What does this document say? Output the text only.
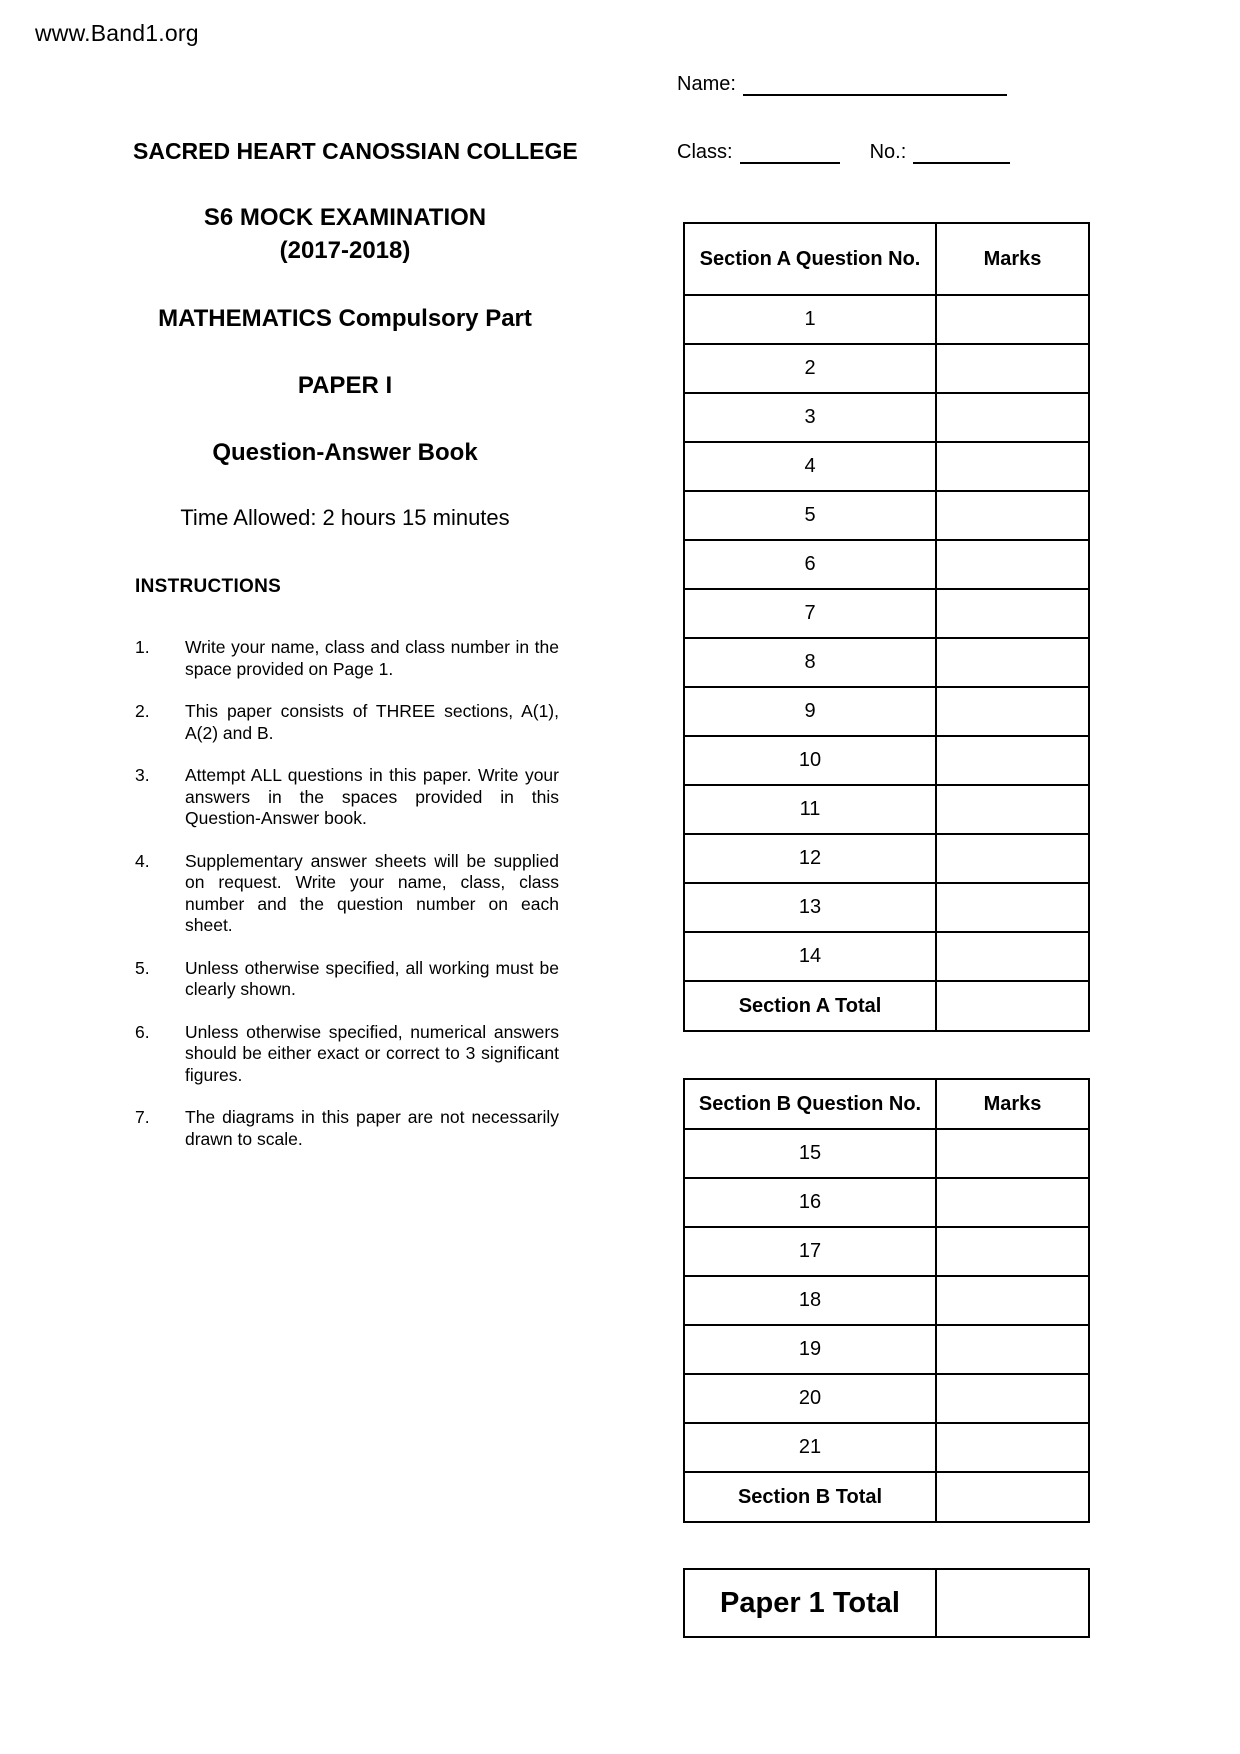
www.Band1.org
Name:
Class:	No.:
SACRED HEART CANOSSIAN COLLEGE
S6 MOCK EXAMINATION
(2017-2018)
MATHEMATICS Compulsory Part
PAPER I
Question-Answer Book
Time Allowed: 2 hours 15 minutes
INSTRUCTIONS
1.	Write your name, class and class number in the space provided on Page 1.
2.	This paper consists of THREE sections, A(1), A(2) and B.
3.	Attempt ALL questions in this paper. Write your answers in the spaces provided in this Question-Answer book.
4.	Supplementary answer sheets will be supplied on request. Write your name, class, class number and the question number on each sheet.
5.	Unless otherwise specified, all working must be clearly shown.
6.	Unless otherwise specified, numerical answers should be either exact or correct to 3 significant figures.
7.	The diagrams in this paper are not necessarily drawn to scale.
Section A Question No.	Marks
1
2
3
4
5
6
7
8
9
10
11
12
13
14
Section A Total
Section B Question No.	Marks
15
16
17
18
19
20
21
Section B Total
Paper 1 Total
